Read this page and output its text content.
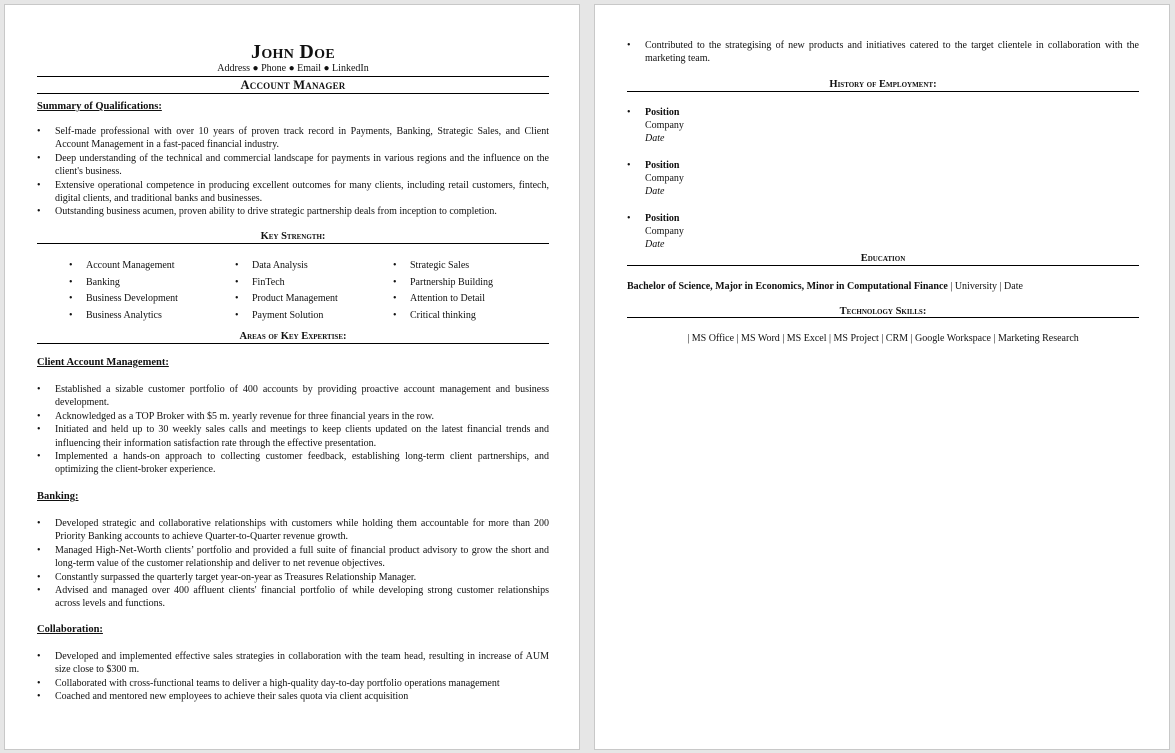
John Doe
Address ● Phone ● Email ● LinkedIn
Account Manager
Summary of Qualifications:
• Self-made professional with over 10 years of proven track record in Payments, Banking, Strategic Sales, and Client Account Management in a fast-paced financial industry.
• Deep understanding of the technical and commercial landscape for payments in various regions and the influence on the client's business.
• Extensive operational competence in producing excellent outcomes for many clients, including retail customers, fintech, digital clients, and traditional banks and businesses.
• Outstanding business acumen, proven ability to drive strategic partnership deals from inception to completion.
Key Strength:
• Account Management
• Banking
• Business Development
• Business Analytics
• Data Analysis
• FinTech
• Product Management
• Payment Solution
• Strategic Sales
• Partnership Building
• Attention to Detail
• Critical thinking
Areas of Key Expertise:
Client Account Management:
• Established a sizable customer portfolio of 400 accounts by providing proactive account management and business development.
• Acknowledged as a TOP Broker with $5 m. yearly revenue for three financial years in the row.
• Initiated and held up to 30 weekly sales calls and meetings to keep clients updated on the latest financial trends and influencing their information satisfaction rate through the effective presentation.
• Implemented a hands-on approach to collecting customer feedback, establishing long-term client partnerships, and optimizing the client-broker experience.
Banking:
• Developed strategic and collaborative relationships with customers while holding them accountable for more than 200 Priority Banking accounts to achieve Quarter-to-Quarter revenue growth.
• Managed High-Net-Worth clients’ portfolio and provided a full suite of financial product advisory to grow the short and long-term value of the customer relationship and deliver to net revenue objectives.
• Constantly surpassed the quarterly target year-on-year as Treasures Relationship Manager.
• Advised and managed over 400 affluent clients' financial portfolio of while developing strong customer relationships across levels and functions.
Collaboration:
• Developed and implemented effective sales strategies in collaboration with the team head, resulting in increase of AUM size close to $300 m.
• Collaborated with cross-functional teams to deliver a high-quality day-to-day portfolio operations management
• Coached and mentored new employees to achieve their sales quota via client acquisition
• Contributed to the strategising of new products and initiatives catered to the target clientele in collaboration with the marketing team.
History of Employment:
• Position
Company
Date
• Position
Company
Date
• Position
Company
Date
Education
Bachelor of Science, Major in Economics, Minor in Computational Finance | University | Date
Technology Skills:
| MS Office | MS Word | MS Excel | MS Project | CRM | Google Workspace | Marketing Research
